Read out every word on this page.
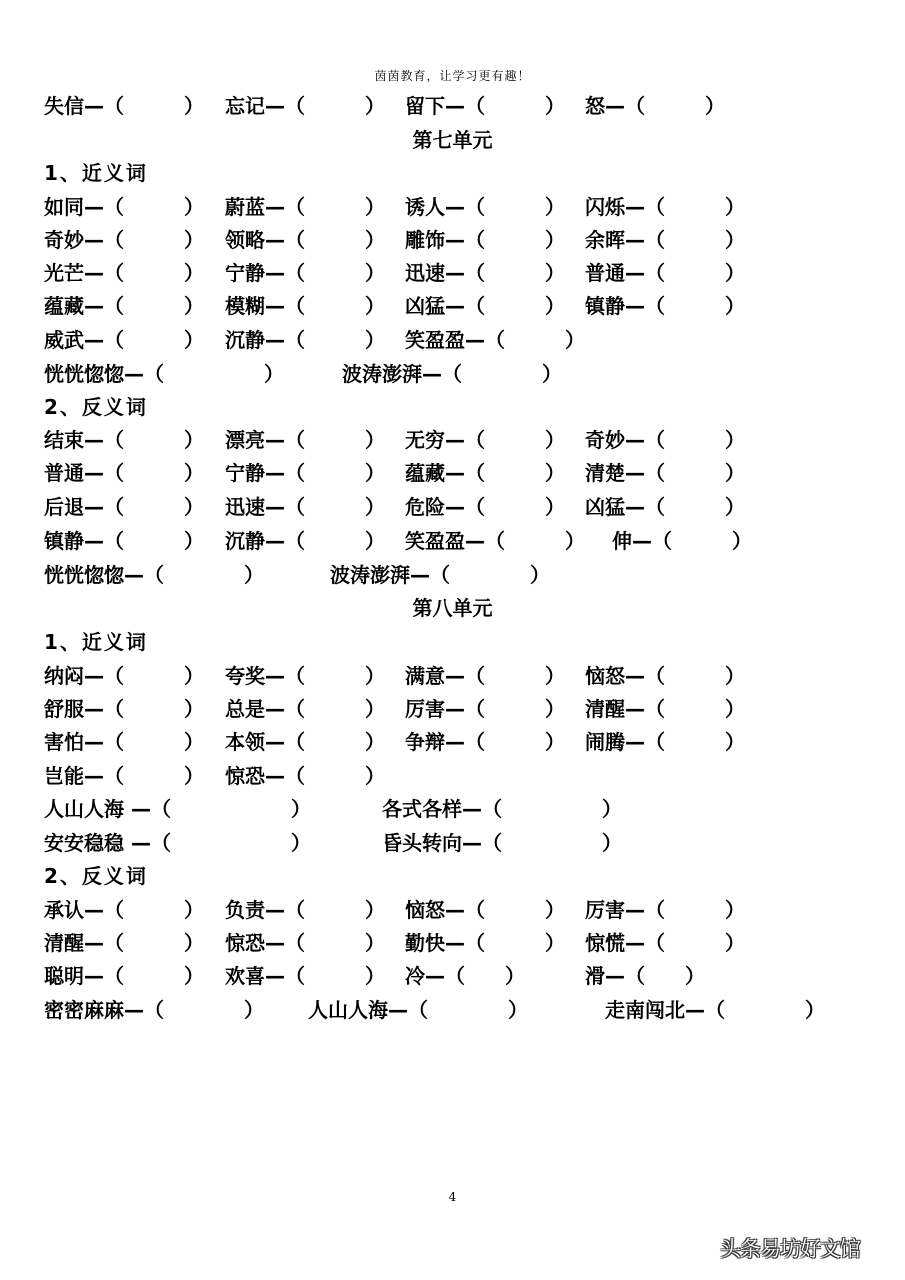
茵茵教育，让学习更有趣！
失信—（　　　） 忘记—（　　　） 留下—（　　　） 怒—（　　　）
第七单元
1、近义词
如同—（　　　） 蔚蓝—（　　　） 诱人—（　　　） 闪烁—（　　　）
奇妙—（　　　） 领略—（　　　） 雕饰—（　　　） 余晖—（　　　）
光芒—（　　　） 宁静—（　　　） 迅速—（　　　） 普通—（　　　）
蕴藏—（　　　） 模糊—（　　　） 凶猛—（　　　） 镇静—（　　　）
威武—（　　　） 沉静—（　　　） 笑盈盈—（　　　）
恍恍惚惚—（　　　　　）	波涛澎湃—（　　　　）
2、反义词
结束—（　　　） 漂亮—（　　　） 无穷—（　　　） 奇妙—（　　　）
普通—（　　　） 宁静—（　　　） 蕴藏—（　　　） 清楚—（　　　）
后退—（　　　） 迅速—（　　　） 危险—（　　　） 凶猛—（　　　）
镇静—（　　　） 沉静—（　　　） 笑盈盈—（　　　） 伸—（　　　）
恍恍惚惚—（　　　　）	波涛澎湃—（　　　　）
第八单元
1、近义词
纳闷—（　　　） 夸奖—（　　　） 满意—（　　　） 恼怒—（　　　）
舒服—（　　　） 总是—（　　　） 厉害—（　　　） 清醒—（　　　）
害怕—（　　　） 本领—（　　　） 争辩—（　　　） 闹腾—（　　　）
岂能—（　　　） 惊恐—（　　　）
人山人海 —（　　　　　　）	各式各样—（　　　　　）
安安稳稳 —（　　　　　　）	昏头转向—（　　　　　）
2、反义词
承认—（　　　） 负责—（　　　） 恼怒—（　　　） 厉害—（　　　）
清醒—（　　　） 惊恐—（　　　） 勤快—（　　　） 惊慌—（　　　）
聪明—（　　　） 欢喜—（　　　） 冷—（　　）	滑—（　　）
密密麻麻—（　　　　） 人山人海—（　　　　）	走南闯北—（　　　　）
4
头条易坊好文馆
